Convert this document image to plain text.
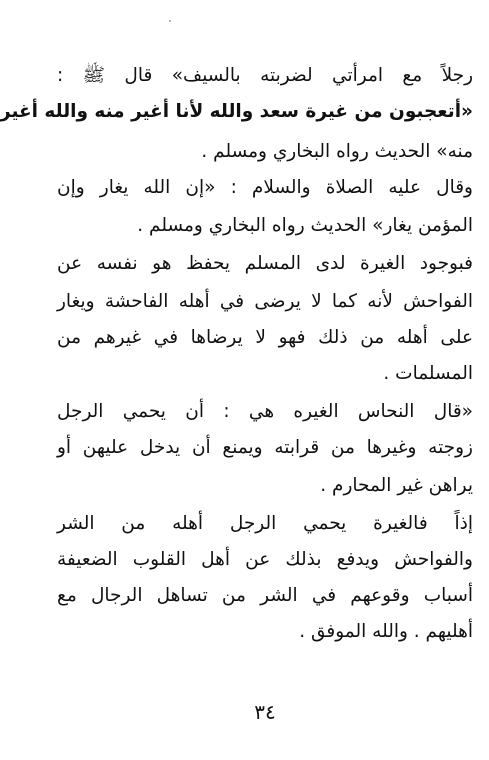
رجلاً مع امرأتي لضربته بالسيف» قال ﷺ :
«أتعجبون من غيرة سعد والله لأنا أغير منه والله أغير
منه» الحديث رواه البخاري ومسلم .
وقال عليه الصلاة والسلام : «إن الله يغار وإن
المؤمن يغار» الحديث رواه البخاري ومسلم .
فبوجود الغيرة لدى المسلم يحفظ هو نفسه عن
الفواحش لأنه كما لا يرضى في أهله الفاحشة ويغار
على أهله من ذلك فهو لا يرضاها في غيرهم من
المسلمات .
«قال النحاس الغيره هي : أن يحمي الرجل
زوجته وغيرها من قرابته ويمنع أن يدخل عليهن أو
يراهن غير المحارم .
إذاً فالغيرة يحمي الرجل أهله من الشر
والفواحش ويدفع بذلك عن أهل القلوب الضعيفة
أسباب وقوعهم في الشر من تساهل الرجال مع
أهليهم . والله الموفق .
٣٤
